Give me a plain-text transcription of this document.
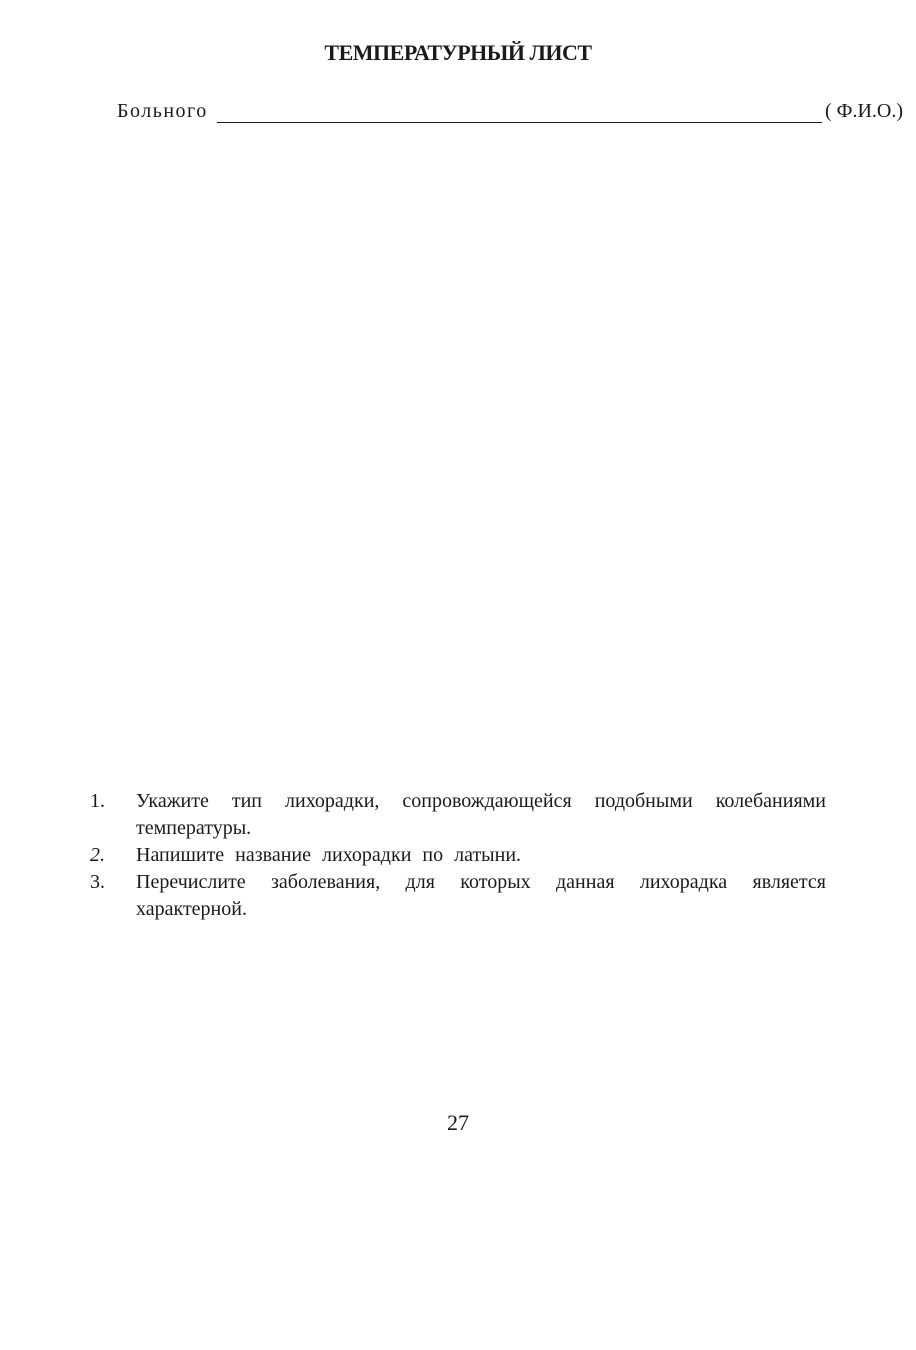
ТЕМПЕРАТУРНЫЙ ЛИСТ
Больного	( Ф.И.О.)
1. Укажите тип лихорадки, сопровождающейся подобными колебаниями температуры.
2. Напишите название лихорадки по латыни.
3. Перечислите заболевания, для которых данная лихорадка является характерной.
27
